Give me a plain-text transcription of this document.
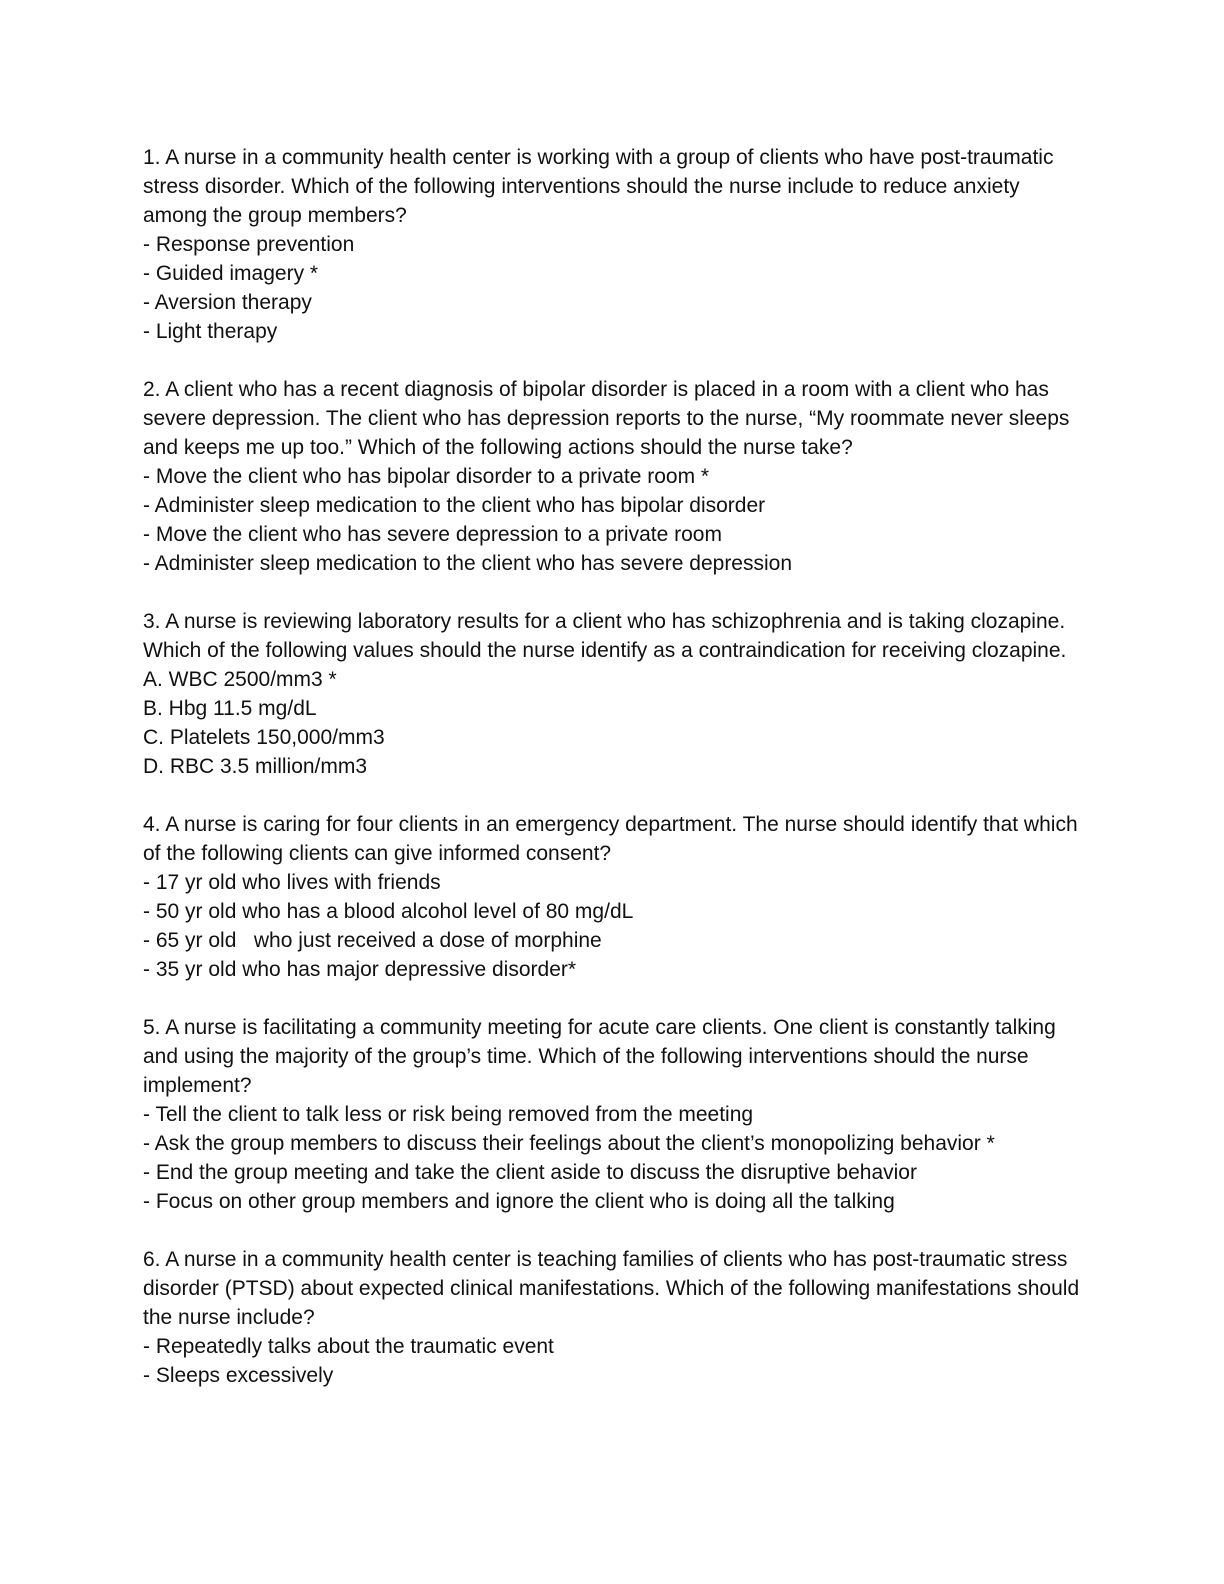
1. A nurse in a community health center is working with a group of clients who have post-traumatic stress disorder. Which of the following interventions should the nurse include to reduce anxiety among the group members?

- Response prevention
- Guided imagery *
- Aversion therapy
- Light therapy

2. A client who has a recent diagnosis of bipolar disorder is placed in a room with a client who has severe depression. The client who has depression reports to the nurse, “My roommate never sleeps and keeps me up too.” Which of the following actions should the nurse take?

- Move the client who has bipolar disorder to a private room *
- Administer sleep medication to the client who has bipolar disorder
- Move the client who has severe depression to a private room
- Administer sleep medication to the client who has severe depression

3. A nurse is reviewing laboratory results for a client who has schizophrenia and is taking clozapine. Which of the following values should the nurse identify as a contraindication for receiving clozapine.

A. WBC 2500/mm3 *
B. Hbg 11.5 mg/dL
C. Platelets 150,000/mm3
D. RBC 3.5 million/mm3

4. A nurse is caring for four clients in an emergency department. The nurse should identify that which of the following clients can give informed consent?

- 17 yr old who lives with friends
- 50 yr old who has a blood alcohol level of 80 mg/dL
- 65 yr old   who just received a dose of morphine
- 35 yr old who has major depressive disorder*

5. A nurse is facilitating a community meeting for acute care clients. One client is constantly talking and using the majority of the group’s time. Which of the following interventions should the nurse implement?

- Tell the client to talk less or risk being removed from the meeting
- Ask the group members to discuss their feelings about the client’s monopolizing behavior *
- End the group meeting and take the client aside to discuss the disruptive behavior
- Focus on other group members and ignore the client who is doing all the talking

6. A nurse in a community health center is teaching families of clients who has post-traumatic stress disorder (PTSD) about expected clinical manifestations. Which of the following manifestations should the nurse include?

- Repeatedly talks about the traumatic event
- Sleeps excessively
